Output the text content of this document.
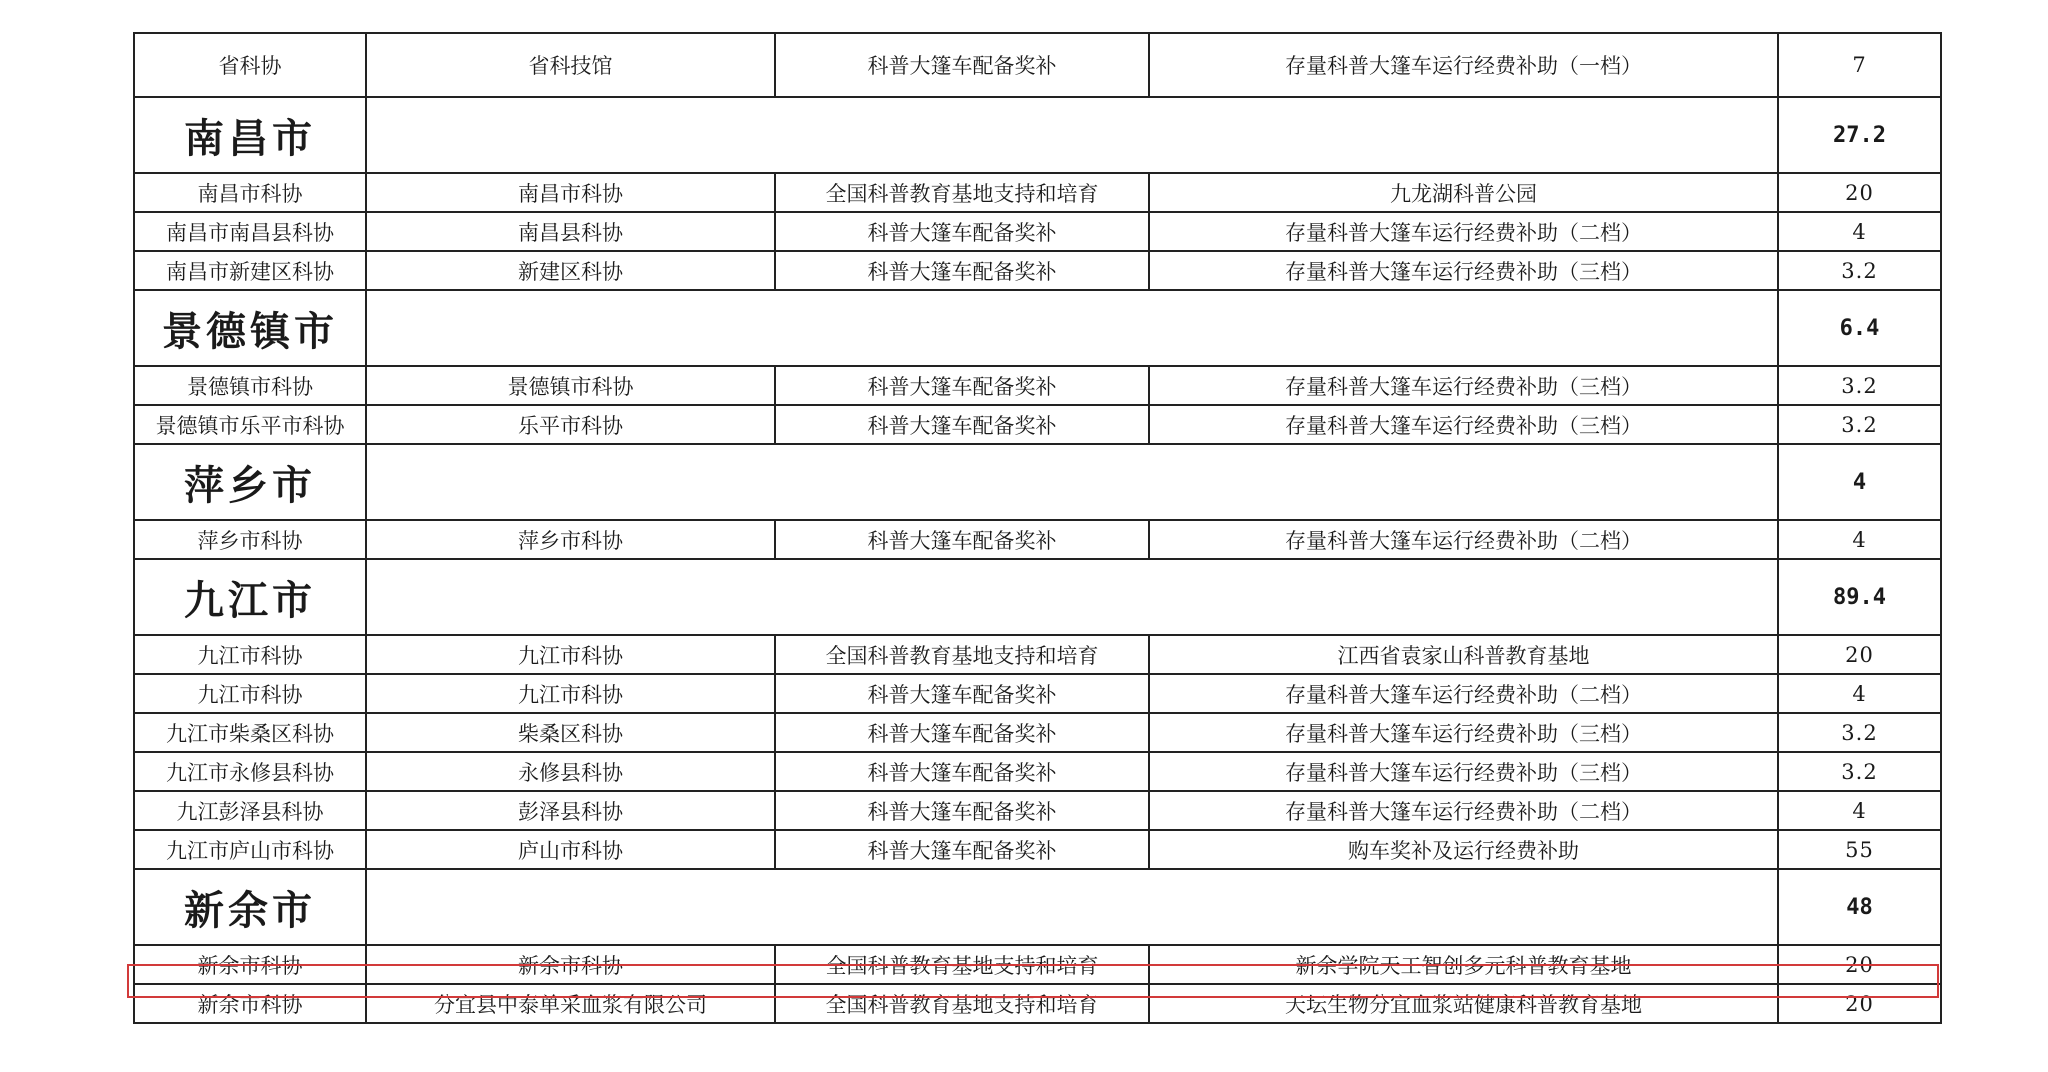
省科协	省科技馆	科普大篷车配备奖补	存量科普大篷车运行经费补助（一档）	7
南昌市				27.2
南昌市科协	南昌市科协	全国科普教育基地支持和培育	九龙湖科普公园	20
南昌市南昌县科协	南昌县科协	科普大篷车配备奖补	存量科普大篷车运行经费补助（二档）	4
南昌市新建区科协	新建区科协	科普大篷车配备奖补	存量科普大篷车运行经费补助（三档）	3.2
景德镇市				6.4
景德镇市科协	景德镇市科协	科普大篷车配备奖补	存量科普大篷车运行经费补助（三档）	3.2
景德镇市乐平市科协	乐平市科协	科普大篷车配备奖补	存量科普大篷车运行经费补助（三档）	3.2
萍乡市				4
萍乡市科协	萍乡市科协	科普大篷车配备奖补	存量科普大篷车运行经费补助（二档）	4
九江市				89.4
九江市科协	九江市科协	全国科普教育基地支持和培育	江西省袁家山科普教育基地	20
九江市科协	九江市科协	科普大篷车配备奖补	存量科普大篷车运行经费补助（二档）	4
九江市柴桑区科协	柴桑区科协	科普大篷车配备奖补	存量科普大篷车运行经费补助（三档）	3.2
九江市永修县科协	永修县科协	科普大篷车配备奖补	存量科普大篷车运行经费补助（三档）	3.2
九江彭泽县科协	彭泽县科协	科普大篷车配备奖补	存量科普大篷车运行经费补助（二档）	4
九江市庐山市科协	庐山市科协	科普大篷车配备奖补	购车奖补及运行经费补助	55
新余市				48
新余市科协	新余市科协	全国科普教育基地支持和培育	新余学院天工智创多元科普教育基地	20
新余市科协	分宜县中泰单采血浆有限公司	全国科普教育基地支持和培育	天坛生物分宜血浆站健康科普教育基地	20
